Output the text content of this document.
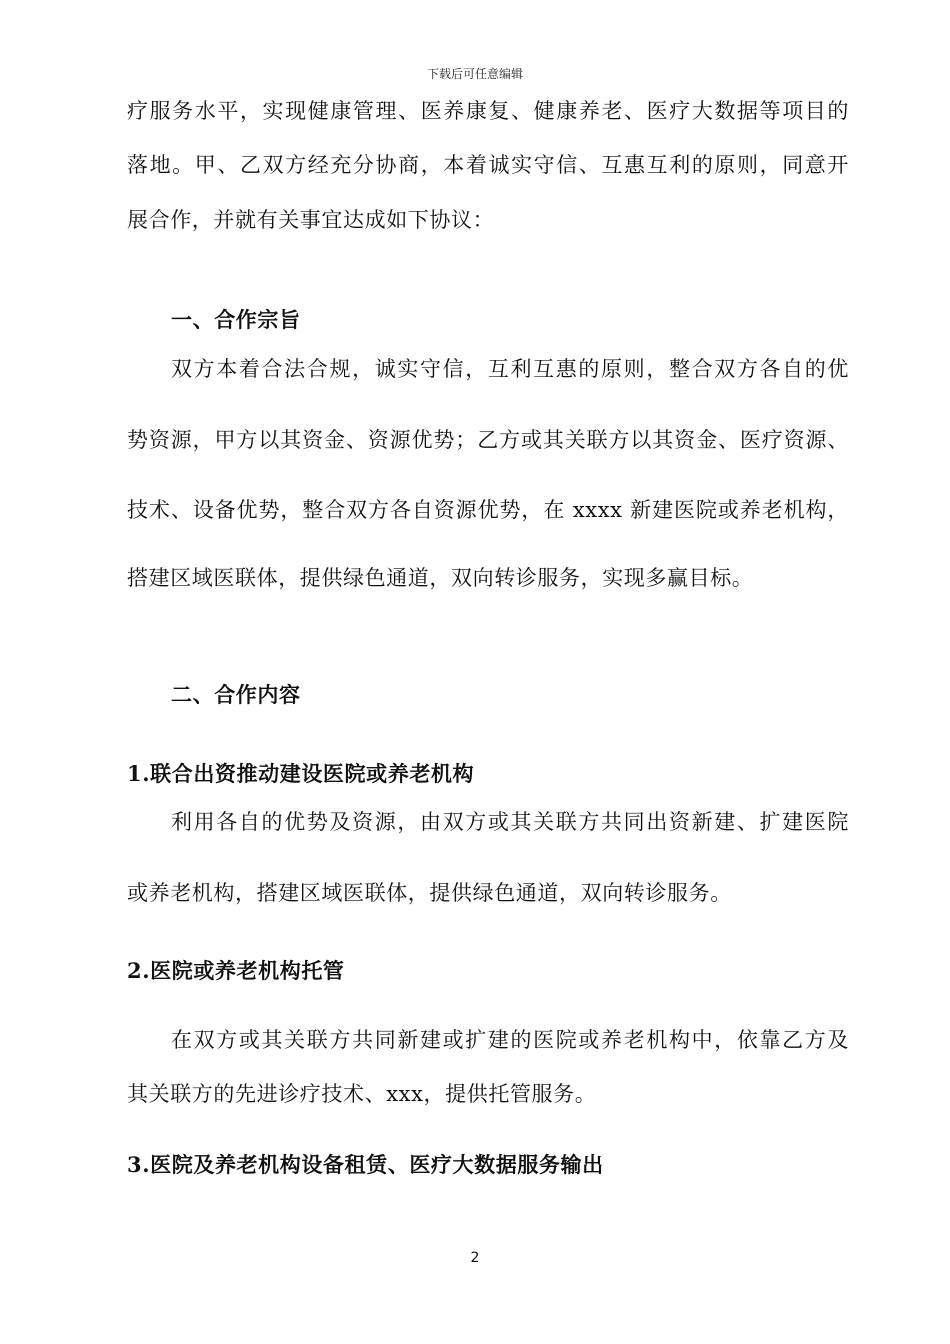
下载后可任意编辑
疗服务水平，实现健康管理、医养康复、健康养老、医疗大数据等项目的
落地。甲、乙双方经充分协商，本着诚实守信、互惠互利的原则，同意开
展合作，并就有关事宜达成如下协议：
一、合作宗旨
双方本着合法合规，诚实守信，互利互惠的原则，整合双方各自的优
势资源，甲方以其资金、资源优势；乙方或其关联方以其资金、医疗资源、
技术、设备优势，整合双方各自资源优势，在 xxxx 新建医院或养老机构，
搭建区域医联体，提供绿色通道，双向转诊服务，实现多赢目标。
二、合作内容
1.联合出资推动建设医院或养老机构
利用各自的优势及资源，由双方或其关联方共同出资新建、扩建医院
或养老机构，搭建区域医联体，提供绿色通道，双向转诊服务。
2.医院或养老机构托管
在双方或其关联方共同新建或扩建的医院或养老机构中，依靠乙方及
其关联方的先进诊疗技术、xxx，提供托管服务。
3.医院及养老机构设备租赁、医疗大数据服务输出
2
